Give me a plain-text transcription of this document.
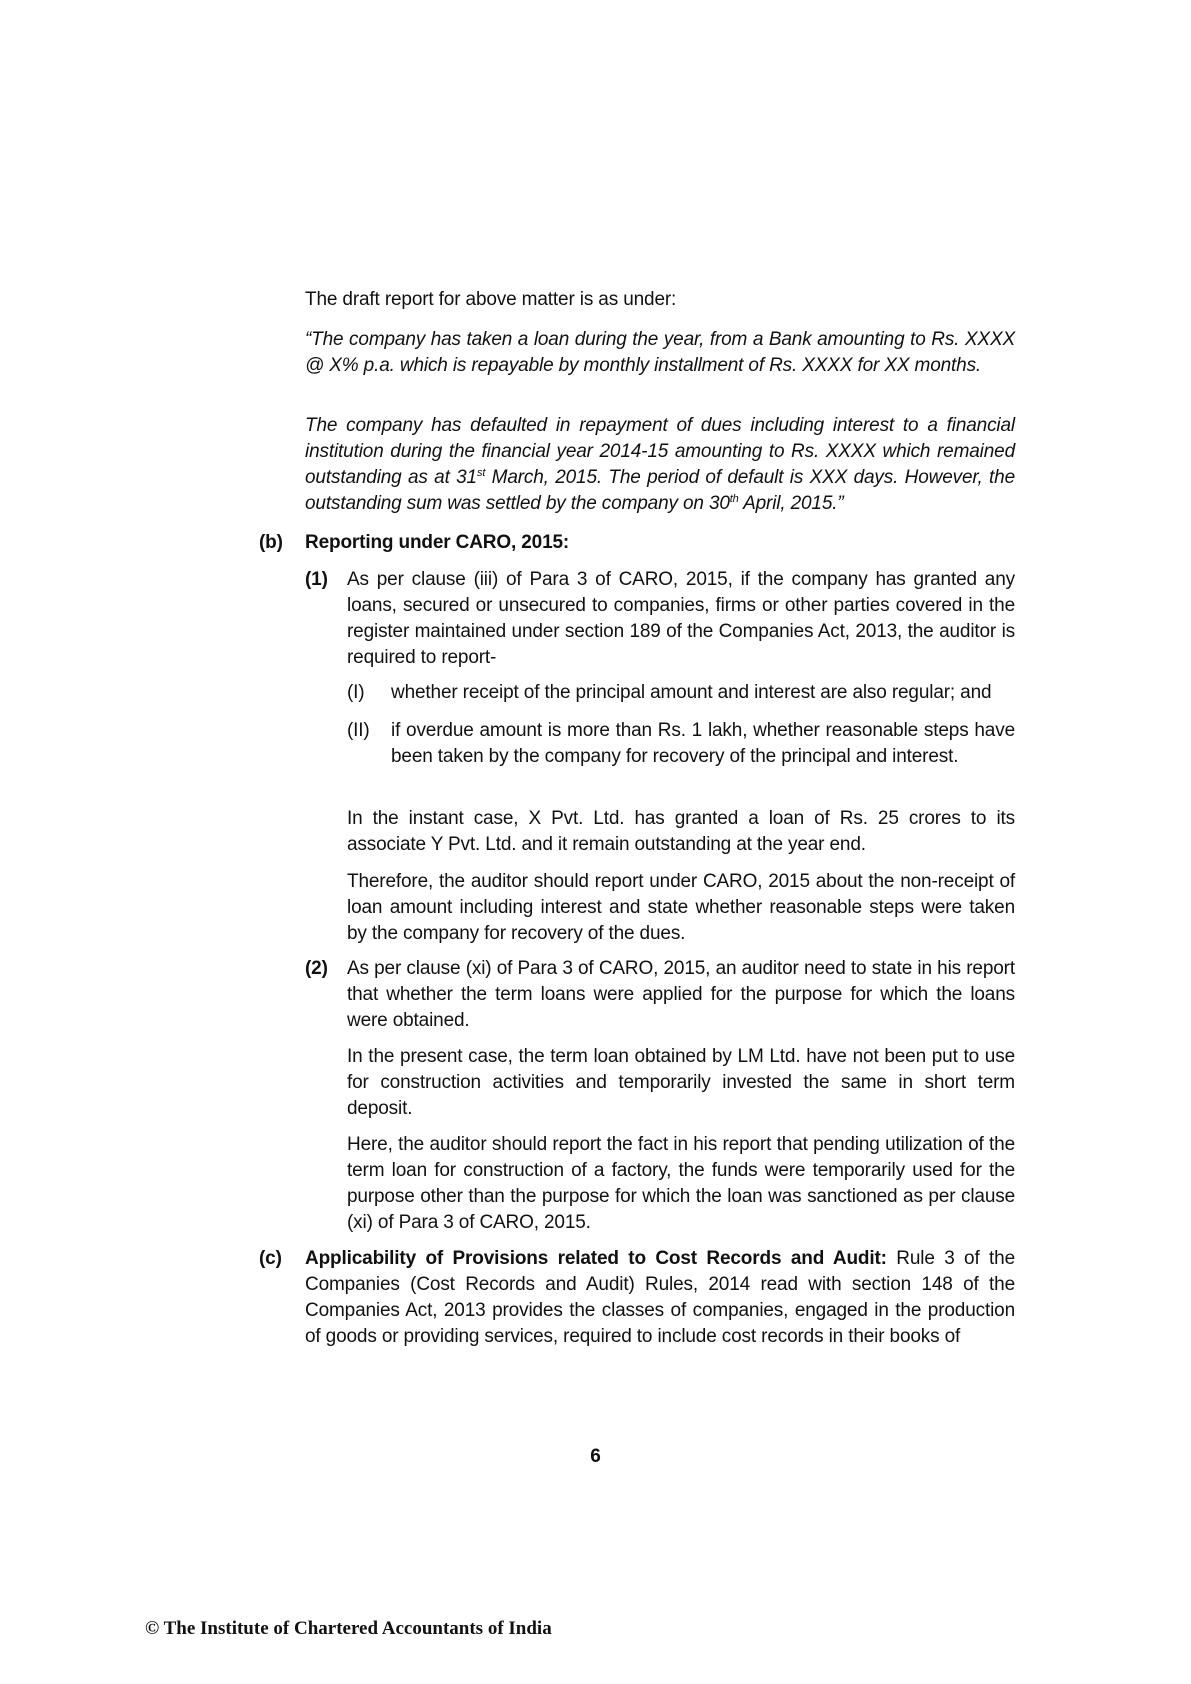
The draft report for above matter is as under:
“The company has taken a loan during the year, from a Bank amounting to Rs. XXXX @ X% p.a. which is repayable by monthly installment of Rs. XXXX for XX months.
The company has defaulted in repayment of dues including interest to a financial institution during the financial year 2014-15 amounting to Rs. XXXX which remained outstanding as at 31st March, 2015. The period of default is XXX days. However, the outstanding sum was settled by the company on 30th April, 2015.”
(b) Reporting under CARO, 2015:
(1) As per clause (iii) of Para 3 of CARO, 2015, if the company has granted any loans, secured or unsecured to companies, firms or other parties covered in the register maintained under section 189 of the Companies Act, 2013, the auditor is required to report-
(I) whether receipt of the principal amount and interest are also regular; and
(II) if overdue amount is more than Rs. 1 lakh, whether reasonable steps have been taken by the company for recovery of the principal and interest.
In the instant case, X Pvt. Ltd. has granted a loan of Rs. 25 crores to its associate Y Pvt. Ltd. and it remain outstanding at the year end.
Therefore, the auditor should report under CARO, 2015 about the non-receipt of loan amount including interest and state whether reasonable steps were taken by the company for recovery of the dues.
(2) As per clause (xi) of Para 3 of CARO, 2015, an auditor need to state in his report that whether the term loans were applied for the purpose for which the loans were obtained.
In the present case, the term loan obtained by LM Ltd. have not been put to use for construction activities and temporarily invested the same in short term deposit.
Here, the auditor should report the fact in his report that pending utilization of the term loan for construction of a factory, the funds were temporarily used for the purpose other than the purpose for which the loan was sanctioned as per clause (xi) of Para 3 of CARO, 2015.
(c) Applicability of Provisions related to Cost Records and Audit: Rule 3 of the Companies (Cost Records and Audit) Rules, 2014 read with section 148 of the Companies Act, 2013 provides the classes of companies, engaged in the production of goods or providing services, required to include cost records in their books of
6
© The Institute of Chartered Accountants of India
